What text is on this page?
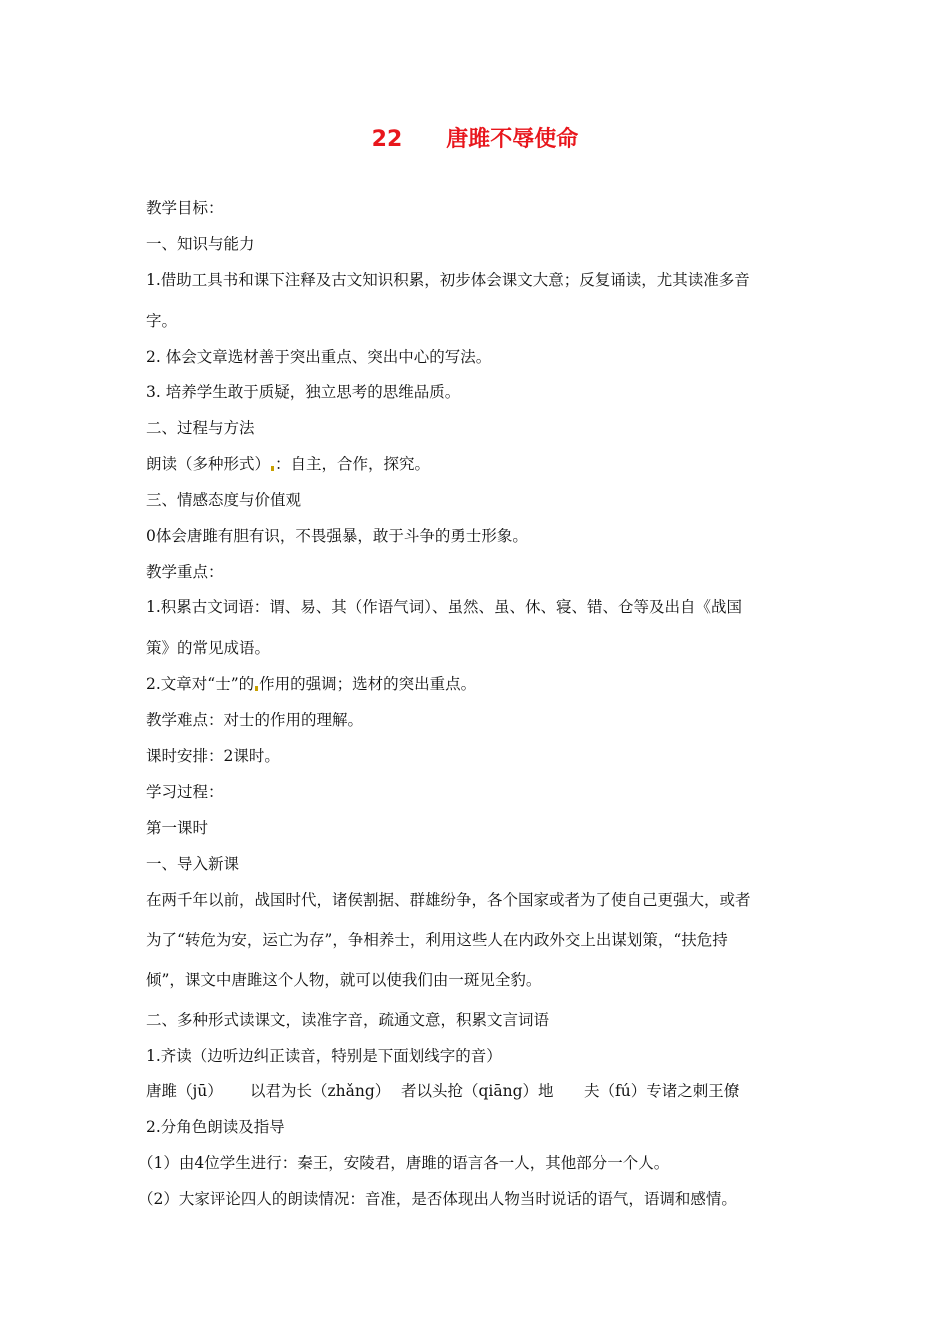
22 唐雎不辱使命
教学目标：
一、知识与能力
1.借助工具书和课下注释及古文知识积累，初步体会课文大意；反复诵读，尤其读准多音
字。
2. 体会文章选材善于突出重点、突出中心的写法。
3. 培养学生敢于质疑，独立思考的思维品质。
二、过程与方法
朗读（多种形式） ：自主，合作，探究。
三、情感态度与价值观
0体会唐雎有胆有识，不畏强暴，敢于斗争的勇士形象。
教学重点：
1.积累古文词语：谓、易、其（作语气词）、虽然、虽、休、寝、错、仓等及出自《战国
策》的常见成语。
2.文章对“士”的 作用的强调；选材的突出重点。
教学难点：对士的作用的理解。
课时安排：2课时。
学习过程：
第一课时
一、导入新课
在两千年以前，战国时代，诸侯割据、群雄纷争，各个国家或者为了使自己更强大，或者
为了“转危为安，运亡为存”，争相养士，利用这些人在内政外交上出谋划策，“扶危持
倾”，课文中唐雎这个人物，就可以使我们由一斑见全豹。
二、多种形式读课文，读准字音，疏通文意，积累文言词语
1.齐读（边听边纠正读音，特别是下面划线字的音）
唐雎（jū） 以君为长（zhǎng） 者以头抢（qiāng）地 夫（fú）专诸之刺王僚
2.分角色朗读及指导
（1）由4位学生进行：秦王，安陵君，唐雎的语言各一人，其他部分一个人。
（2）大家评论四人的朗读情况：音准，是否体现出人物当时说话的语气，语调和感情。
